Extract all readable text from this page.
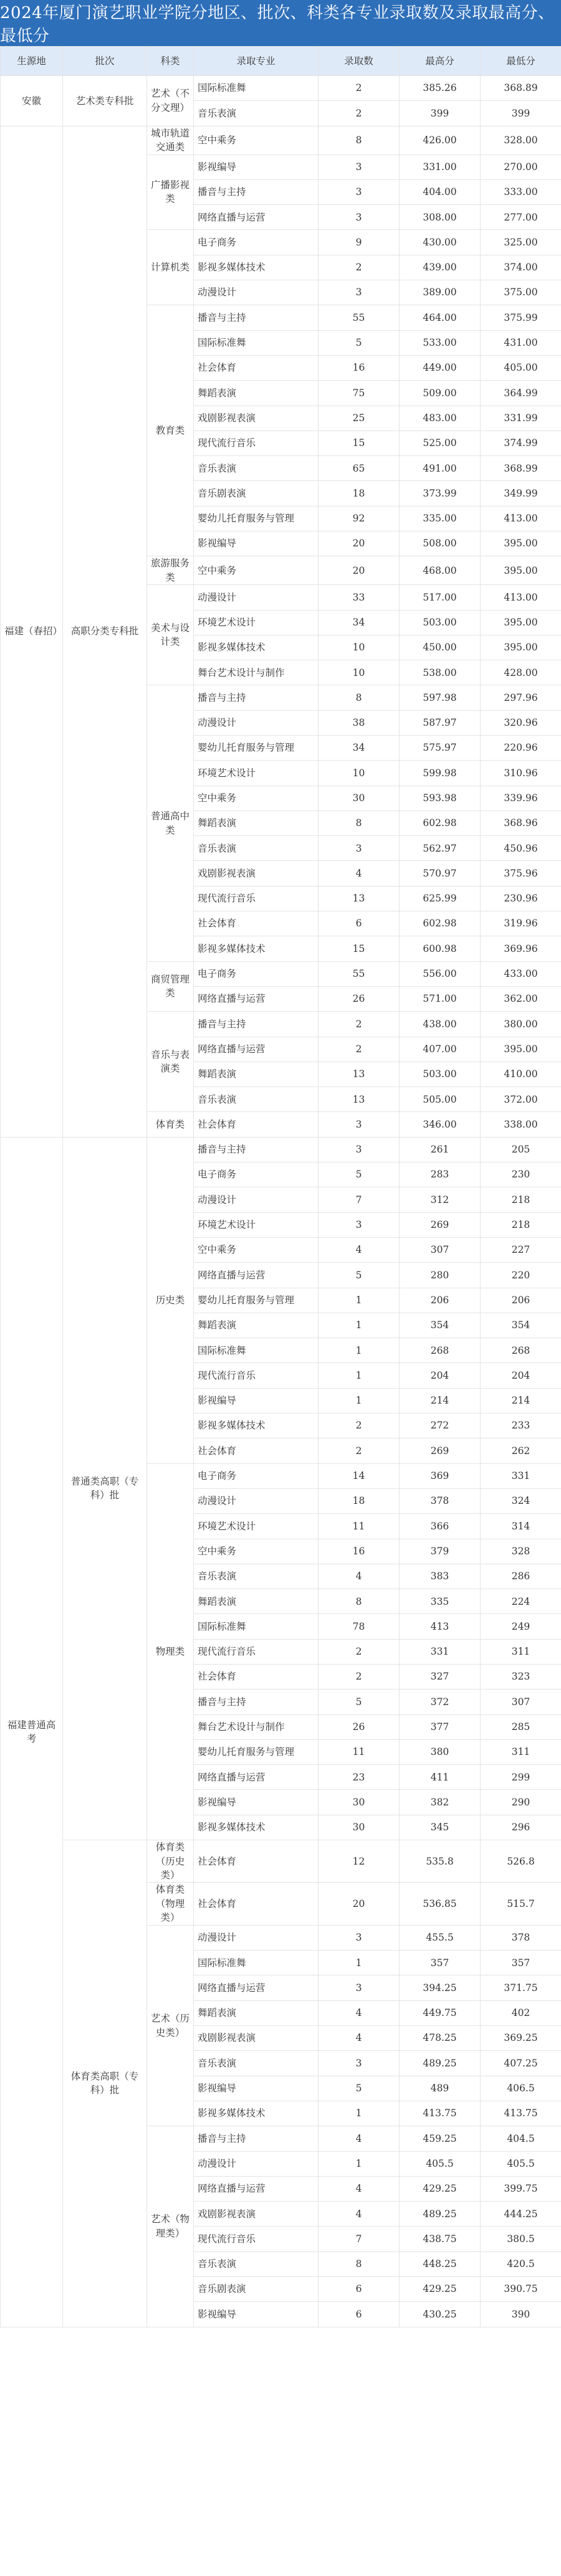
2024年厦门演艺职业学院分地区、批次、科类各专业录取数及录取最高分、最低分
生源地	批次	科类	录取专业	录取数	最高分	最低分
安徽	艺术类专科批	艺术（不分文理）	国际标准舞	2	385.26	368.89
			音乐表演	2	399	399
福建（春招）	高职分类专科批	城市轨道交通类	空中乘务	8	426.00	328.00
		广播影视类	影视编导	3	331.00	270.00
			播音与主持	3	404.00	333.00
			网络直播与运营	3	308.00	277.00
		计算机类	电子商务	9	430.00	325.00
			影视多媒体技术	2	439.00	374.00
			动漫设计	3	389.00	375.00
		教育类	播音与主持	55	464.00	375.99
			国际标准舞	5	533.00	431.00
			社会体育	16	449.00	405.00
			舞蹈表演	75	509.00	364.99
			戏剧影视表演	25	483.00	331.99
			现代流行音乐	15	525.00	374.99
			音乐表演	65	491.00	368.99
			音乐剧表演	18	373.99	349.99
			婴幼儿托育服务与管理	92	335.00	413.00
			影视编导	20	508.00	395.00
		旅游服务类	空中乘务	20	468.00	395.00
		美术与设计类	动漫设计	33	517.00	413.00
			环境艺术设计	34	503.00	395.00
			影视多媒体技术	10	450.00	395.00
			舞台艺术设计与制作	10	538.00	428.00
		普通高中类	播音与主持	8	597.98	297.96
			动漫设计	38	587.97	320.96
			婴幼儿托育服务与管理	34	575.97	220.96
			环境艺术设计	10	599.98	310.96
			空中乘务	30	593.98	339.96
			舞蹈表演	8	602.98	368.96
			音乐表演	3	562.97	450.96
			戏剧影视表演	4	570.97	375.96
			现代流行音乐	13	625.99	230.96
			社会体育	6	602.98	319.96
			影视多媒体技术	15	600.98	369.96
		商贸管理类	电子商务	55	556.00	433.00
			网络直播与运营	26	571.00	362.00
		音乐与表演类	播音与主持	2	438.00	380.00
			网络直播与运营	2	407.00	395.00
			舞蹈表演	13	503.00	410.00
			音乐表演	13	505.00	372.00
		体育类	社会体育	3	346.00	338.00
福建普通高考	普通类高职（专科）批	历史类	播音与主持	3	261	205
			电子商务	5	283	230
			动漫设计	7	312	218
			环境艺术设计	3	269	218
			空中乘务	4	307	227
			网络直播与运营	5	280	220
			婴幼儿托育服务与管理	1	206	206
			舞蹈表演	1	354	354
			国际标准舞	1	268	268
			现代流行音乐	1	204	204
			影视编导	1	214	214
			影视多媒体技术	2	272	233
			社会体育	2	269	262
		物理类	电子商务	14	369	331
			动漫设计	18	378	324
			环境艺术设计	11	366	314
			空中乘务	16	379	328
			音乐表演	4	383	286
			舞蹈表演	8	335	224
			国际标准舞	78	413	249
			现代流行音乐	2	331	311
			社会体育	2	327	323
			播音与主持	5	372	307
			舞台艺术设计与制作	26	377	285
			婴幼儿托育服务与管理	11	380	311
			网络直播与运营	23	411	299
			影视编导	30	382	290
			影视多媒体技术	30	345	296
	体育类高职（专科）批	体育类（历史类）	社会体育	12	535.8	526.8
		体育类（物理类）	社会体育	20	536.85	515.7
		艺术（历史类）	动漫设计	3	455.5	378
			国际标准舞	1	357	357
			网络直播与运营	3	394.25	371.75
			舞蹈表演	4	449.75	402
			戏剧影视表演	4	478.25	369.25
			音乐表演	3	489.25	407.25
			影视编导	5	489	406.5
			影视多媒体技术	1	413.75	413.75
		艺术（物理类）	播音与主持	4	459.25	404.5
			动漫设计	1	405.5	405.5
			网络直播与运营	4	429.25	399.75
			戏剧影视表演	4	489.25	444.25
			现代流行音乐	7	438.75	380.5
			音乐表演	8	448.25	420.5
			音乐剧表演	6	429.25	390.75
			影视编导	6	430.25	390
